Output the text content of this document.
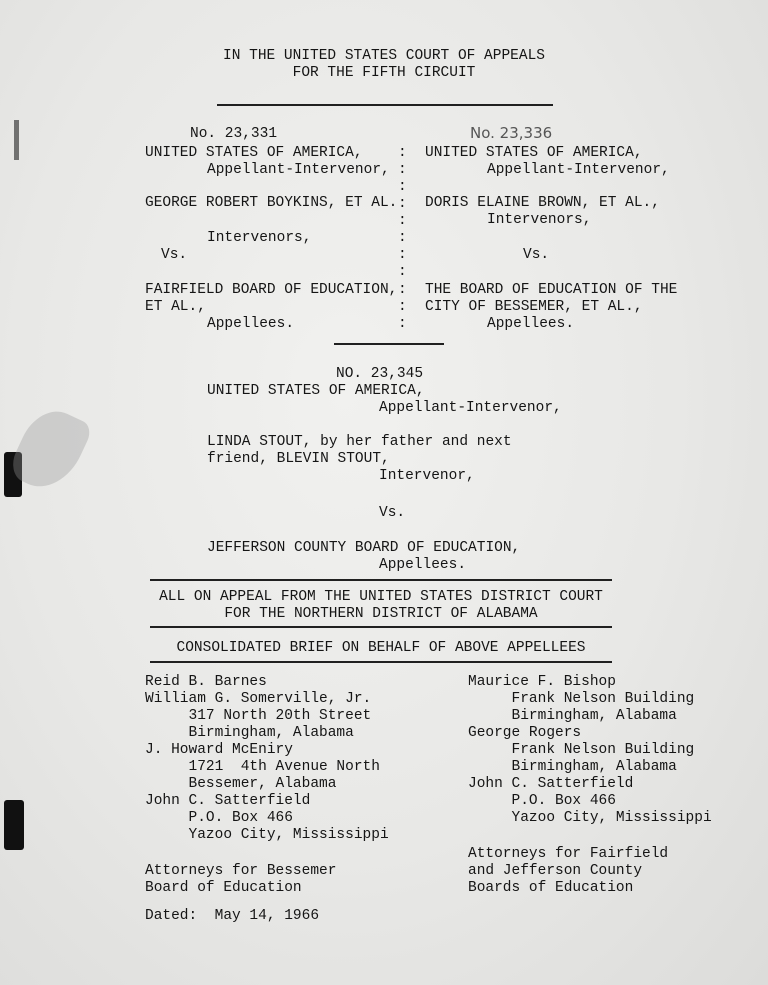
IN THE UNITED STATES COURT OF APPEALS
FOR THE FIFTH CIRCUIT
No. 23,331
UNITED STATES OF AMERICA,
Appellant-Intervenor,
GEORGE ROBERT BOYKINS, ET AL.
Intervenors,
Vs.
FAIRFIELD BOARD OF EDUCATION,
ET AL.,
Appellees.
:
:
:
:
:
:
:
:
:
:
:
No. 23,336
UNITED STATES OF AMERICA,
Appellant-Intervenor,
DORIS ELAINE BROWN, ET AL.,
Intervenors,
Vs.
THE BOARD OF EDUCATION OF THE
CITY OF BESSEMER, ET AL.,
Appellees.
NO. 23,345
UNITED STATES OF AMERICA,
Appellant-Intervenor,
LINDA STOUT, by her father and next
friend, BLEVIN STOUT,
Intervenor,
Vs.
JEFFERSON COUNTY BOARD OF EDUCATION,
Appellees.
ALL ON APPEAL FROM THE UNITED STATES DISTRICT COURT
FOR THE NORTHERN DISTRICT OF ALABAMA
CONSOLIDATED BRIEF ON BEHALF OF ABOVE APPELLEES
Reid B. Barnes
William G. Somerville, Jr.
317 North 20th Street
Birmingham, Alabama
J. Howard McEniry
1721  4th Avenue North
Bessemer, Alabama
John C. Satterfield
P.O. Box 466
Yazoo City, Mississippi
Maurice F. Bishop
Frank Nelson Building
Birmingham, Alabama
George Rogers
Frank Nelson Building
Birmingham, Alabama
John C. Satterfield
P.O. Box 466
Yazoo City, Mississippi
Attorneys for Bessemer
Board of Education
Attorneys for Fairfield
and Jefferson County
Boards of Education
Dated:  May 14, 1966
